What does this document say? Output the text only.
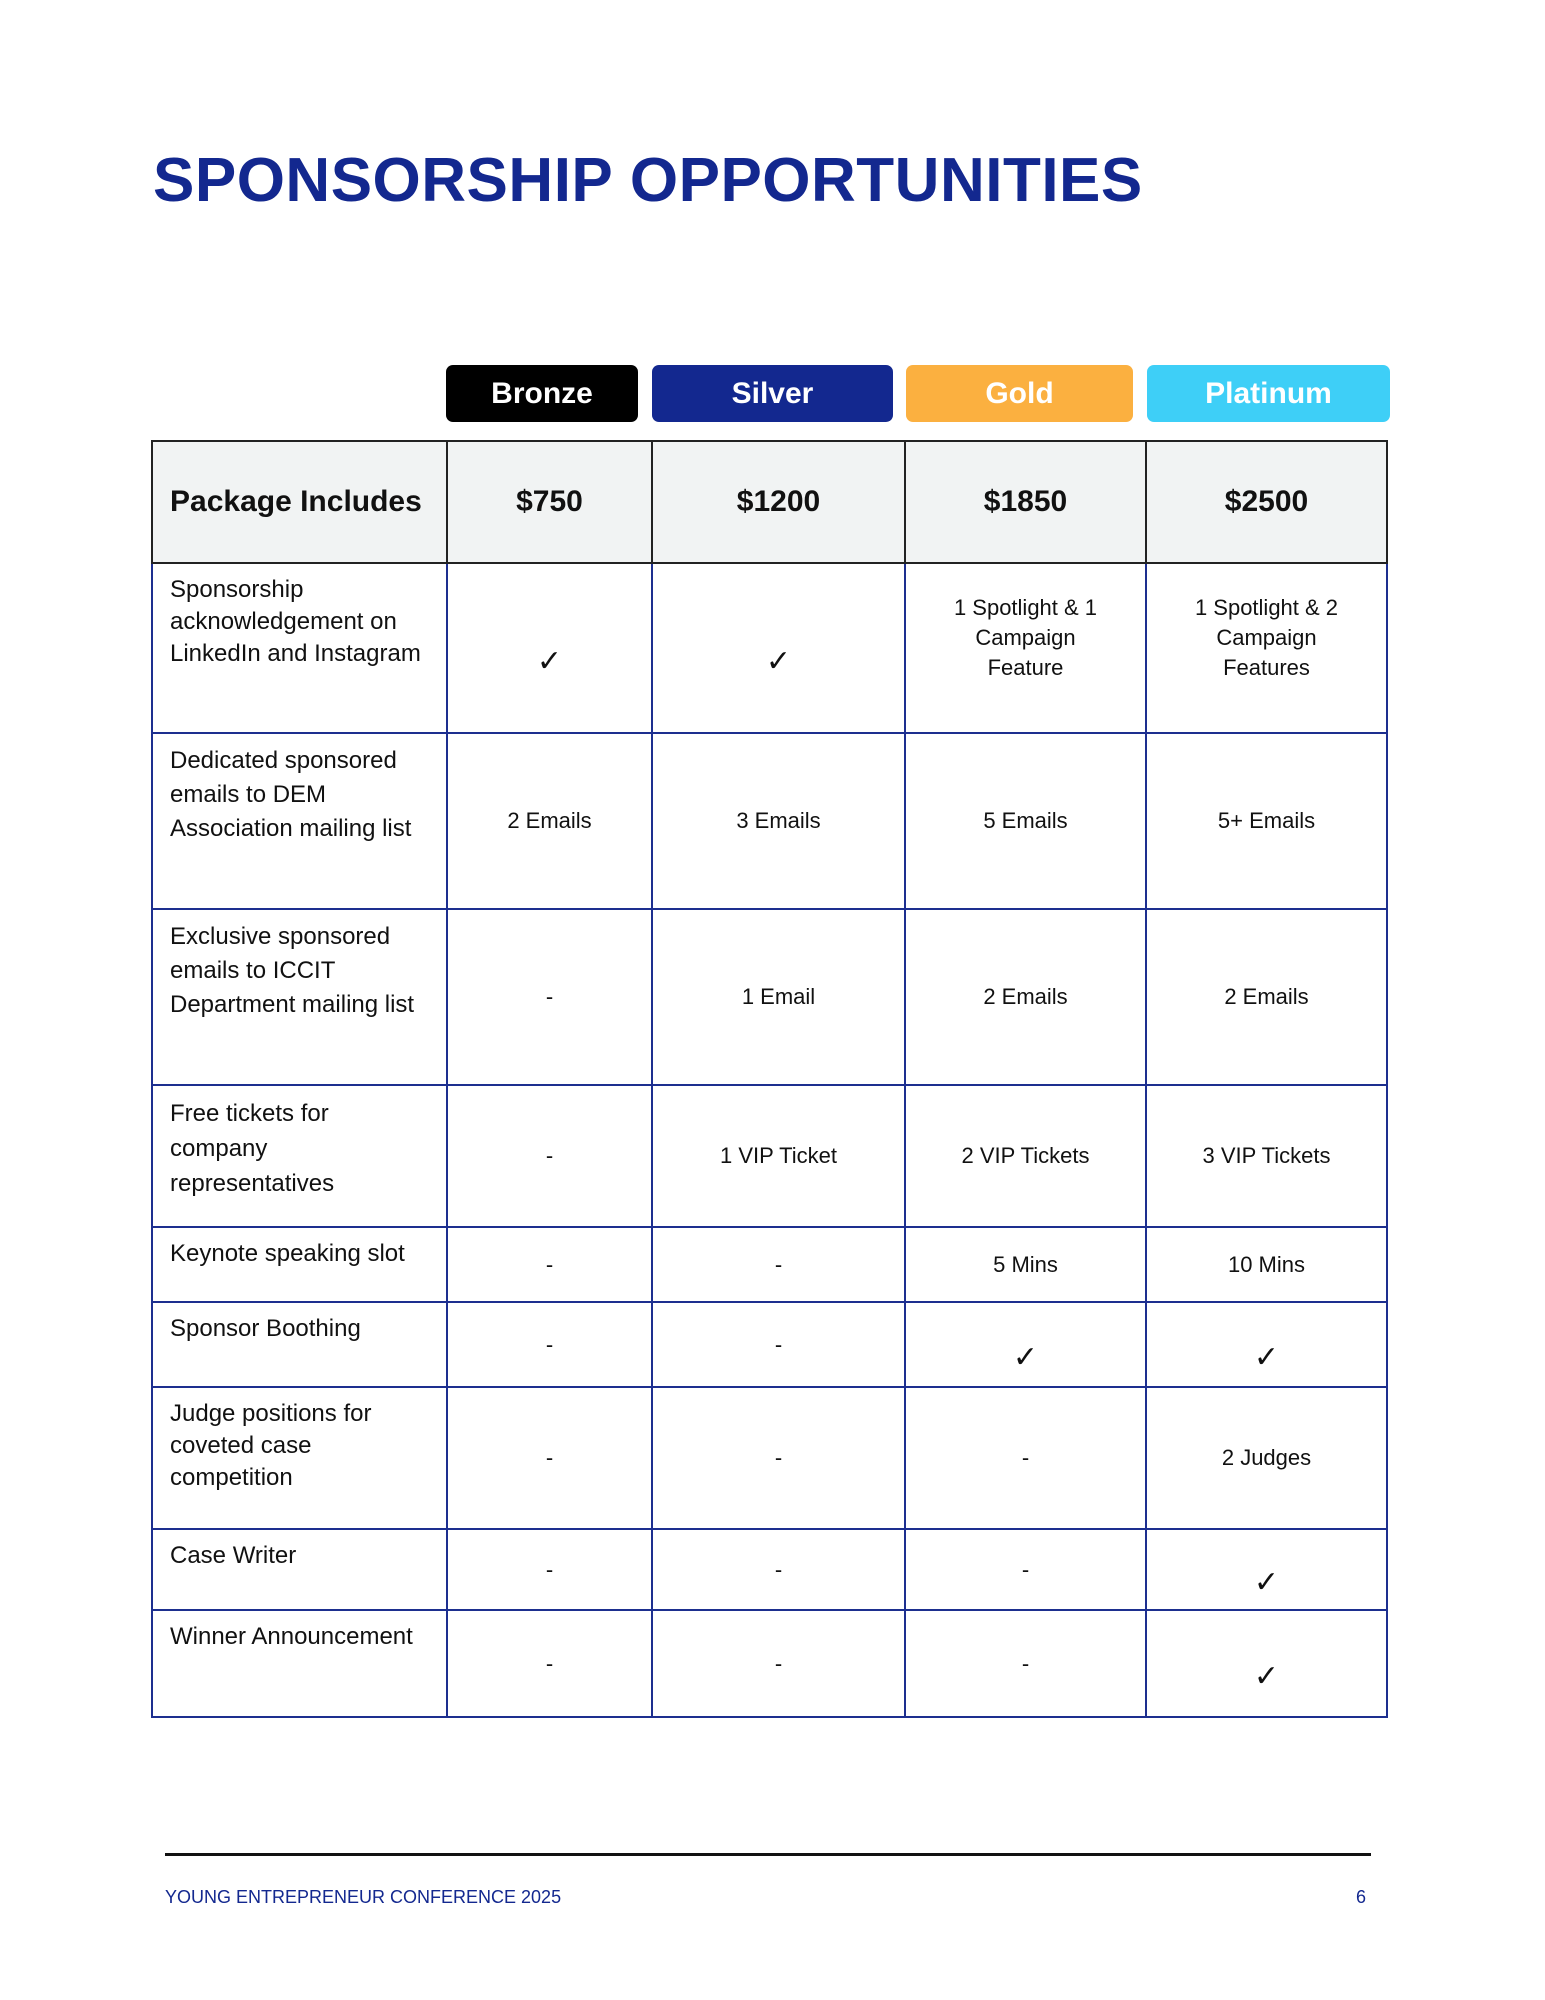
SPONSORSHIP OPPORTUNITIES
Bronze	Silver	Gold	Platinum
Package Includes	$750	$1200	$1850	$2500
Sponsorship acknowledgement on LinkedIn and Instagram	✓	✓	1 Spotlight & 1 Campaign Feature	1 Spotlight & 2 Campaign Features
Dedicated sponsored emails to DEM Association mailing list	2 Emails	3 Emails	5 Emails	5+ Emails
Exclusive sponsored emails to ICCIT Department mailing list	-	1 Email	2 Emails	2 Emails
Free tickets for company representatives	-	1 VIP Ticket	2 VIP Tickets	3 VIP Tickets
Keynote speaking slot	-	-	5 Mins	10 Mins
Sponsor Boothing	-	-	✓	✓
Judge positions for coveted case competition	-	-	-	2 Judges
Case Writer	-	-	-	✓
Winner Announcement	-	-	-	✓
YOUNG ENTREPRENEUR CONFERENCE 2025	6
